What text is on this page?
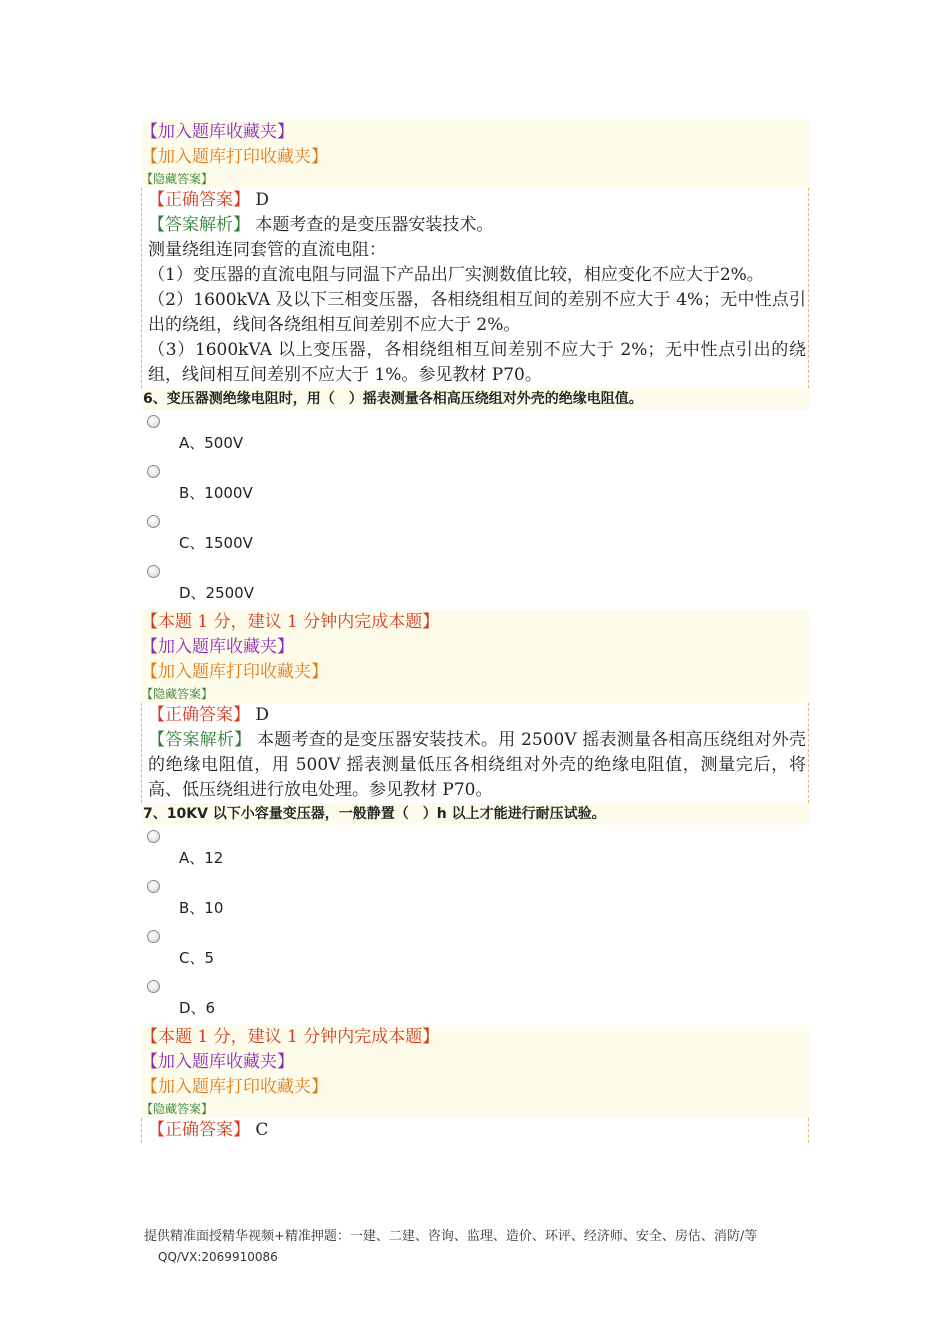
【加入题库收藏夹】
【加入题库打印收藏夹】
【隐藏答案】
【正确答案】 D
【答案解析】 本题考查的是变压器安装技术。
测量绕组连同套管的直流电阻：
（1）变压器的直流电阻与同温下产品出厂实测数值比较，相应变化不应大于2%。
（2）1600kVA 及以下三相变压器，各相绕组相互间的差别不应大于 4%；无中性点引出的绕组，线间各绕组相互间差别不应大于 2%。
（3）1600kVA 以上变压器，各相绕组相互间差别不应大于 2%；无中性点引出的绕组，线间相互间差别不应大于 1%。参见教材 P70。
6、变压器测绝缘电阻时，用（　）摇表测量各相高压绕组对外壳的绝缘电阻值。
A、500V
B、1000V
C、1500V
D、2500V
【本题 1 分，建议 1 分钟内完成本题】
【加入题库收藏夹】
【加入题库打印收藏夹】
【隐藏答案】
【正确答案】 D
【答案解析】 本题考查的是变压器安装技术。用 2500V 摇表测量各相高压绕组对外壳的绝缘电阻值，用 500V 摇表测量低压各相绕组对外壳的绝缘电阻值，测量完后，将高、低压绕组进行放电处理。参见教材 P70。
7、10KV 以下小容量变压器，一般静置（　）h 以上才能进行耐压试验。
A、12
B、10
C、5
D、6
【本题 1 分，建议 1 分钟内完成本题】
【加入题库收藏夹】
【加入题库打印收藏夹】
【隐藏答案】
【正确答案】 C
提供精准面授精华视频+精准押题：一建、二建、咨询、监理、造价、环评、经济师、安全、房估、消防/等 QQ/VX:2069910086
